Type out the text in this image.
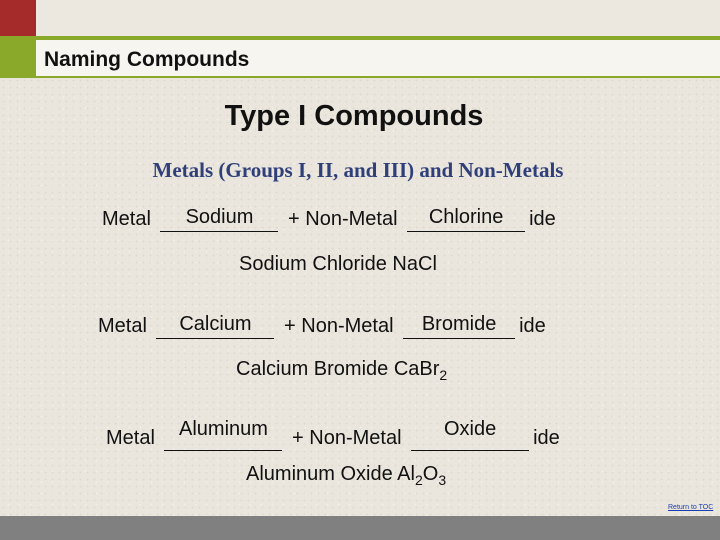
Naming Compounds
Type I Compounds
Metals (Groups I, II, and III) and Non-Metals
Metal Sodium + Non-Metal Chlorine ide
Sodium Chloride NaCl
Metal Calcium + Non-Metal Bromide ide
Calcium Bromide CaBr$_2$
Metal Aluminum + Non-Metal Oxide ide
Aluminum Oxide $Al_2O_3$
Return to TOC
